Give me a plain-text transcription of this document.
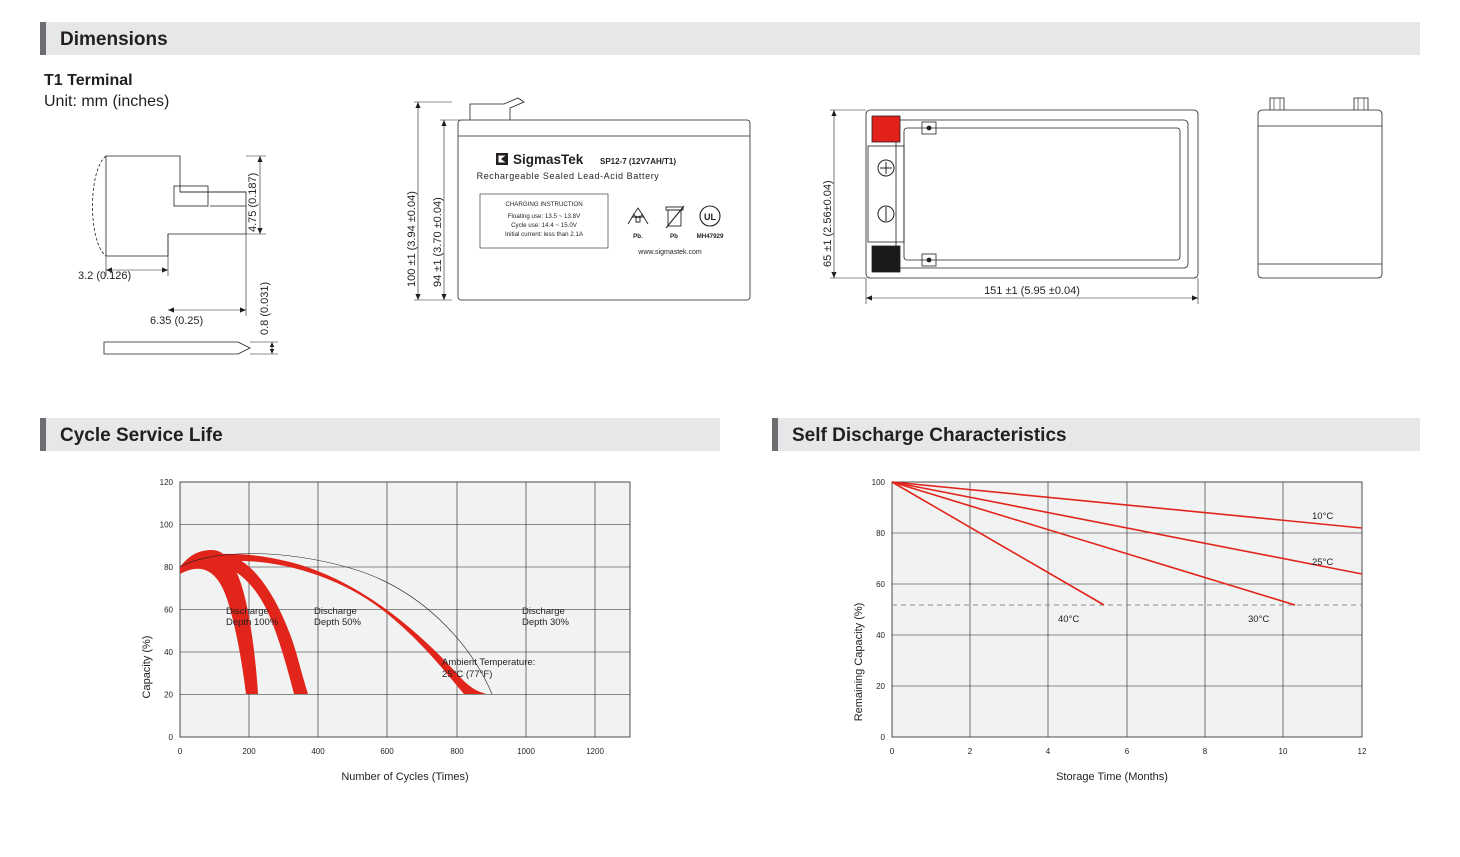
Dimensions
Cycle Service Life	Self Discharge Characteristics
T1 Terminal
Unit: mm (inches)
4.75 (0.187)
3.2 (0.126)
6.35 (0.25)	0.8 (0.031)
100 ±1 (3.94 ±0.04) 94 ±1 (3.70 ±0.04)
SigmasTek SP12-7 (12V7AH/T1)
Rechargeable Sealed Lead-Acid Battery
CHARGING INSTRUCTION
Floating use: 13.5 ~ 13.8V
Cycle use: 14.4 ~ 15.0V
Initial current: less than 2.1A	Pb.	Pb
UL
MH47929
www.sigmastek.com	65 ±1 (2.56±0.04)
151 ±1 (5.95 ±0.04)
0
20
40
60
80
100
120
0	200	400	600	800	1000	1200
Number of Cycles (Times)
Capacity (%)
Discharge
Depth 100%
Discharge
Depth 50%
Discharge
Depth 30%
Ambient Temperature:
25°C (77°F)
0
20
40
60
80
100
0	2	4	6	8	10	12
Storage Time (Months)
Remaining Capacity (%)
10°C
25°C
30°C
40°C
